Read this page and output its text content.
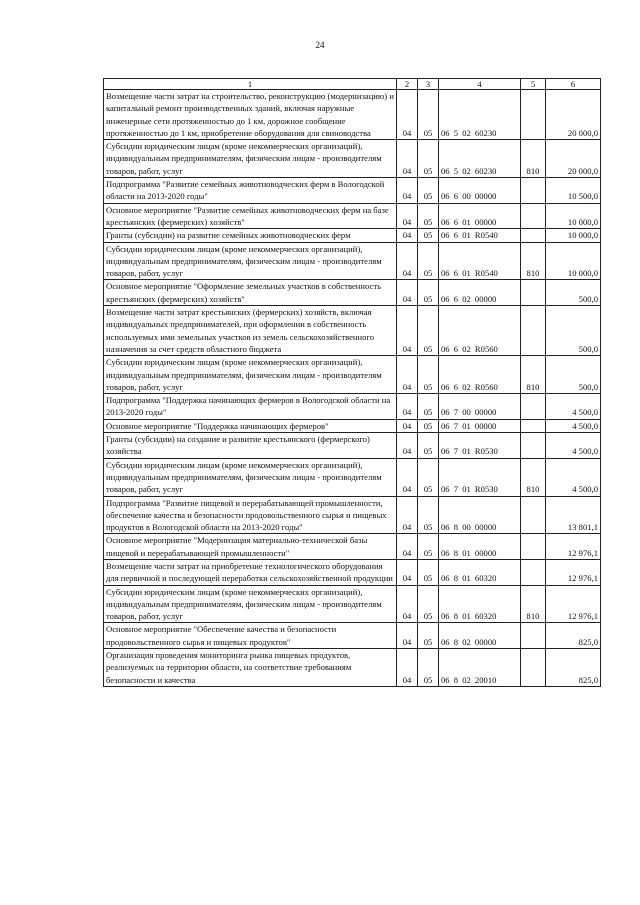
24
1	2	3	4	5	6
Возмещение части затрат на строительство, реконструкцию (модернизацию) и капитальный ремонт производственных зданий, включая наружные инженерные сети протяженностью до 1 км, дорожное сообщение протяженностью до 1 км, приобретение оборудования для свиноводства	04	05	06 5 02 60230		20 000,0
Субсидии юридическим лицам (кроме некоммерческих организаций), индивидуальным предпринимателям, физическим лицам - производителям товаров, работ, услуг	04	05	06 5 02 60230	810	20 000,0
Подпрограмма "Развитие семейных животноводческих ферм в Вологодской области на 2013-2020 годы"	04	05	06 6 00 00000		10 500,0
Основное мероприятие "Развитие семейных животноводческих ферм на базе крестьянских (фермерских) хозяйств"	04	05	06 6 01 00000		10 000,0
Гранты (субсидии) на развитие семейных животноводческих ферм	04	05	06 6 01 R0540		10 000,0
Субсидии юридическим лицам (кроме некоммерческих организаций), индивидуальным предпринимателям, физическим лицам - производителям товаров, работ, услуг	04	05	06 6 01 R0540	810	10 000,0
Основное мероприятие "Оформление земельных участков в собственность крестьянских (фермерских) хозяйств"	04	05	06 6 02 00000		500,0
Возмещение части затрат крестьянских (фермерских) хозяйств, включая индивидуальных предпринимателей, при оформлении в собственность используемых ими земельных участков из земель сельскохозяйственного назначения за счет средств областного бюджета	04	05	06 6 02 R0560		500,0
Субсидии юридическим лицам (кроме некоммерческих организаций), индивидуальным предпринимателям, физическим лицам - производителям товаров, работ, услуг	04	05	06 6 02 R0560	810	500,0
Подпрограмма "Поддержка начинающих фермеров в Вологодской области на 2013-2020 годы"	04	05	06 7 00 00000		4 500,0
Основное мероприятие "Поддержка начинающих фермеров"	04	05	06 7 01 00000		4 500,0
Гранты (субсидии) на создание и развитие крестьянского (фермерского) хозяйства	04	05	06 7 01 R0530		4 500,0
Субсидии юридическим лицам (кроме некоммерческих организаций), индивидуальным предпринимателям, физическим лицам - производителям товаров, работ, услуг	04	05	06 7 01 R0530	810	4 500,0
Подпрограмма "Развитие пищевой и перерабатывающей промышленности, обеспечение качества и безопасности продовольственного сырья и пищевых продуктов в Вологодской области на 2013-2020 годы"	04	05	06 8 00 00000		13 801,1
Основное мероприятие "Модернизация материально-технической базы пищевой и перерабатывающей промышленности"	04	05	06 8 01 00000		12 976,1
Возмещение части затрат на приобретение технологического оборудования для первичной и последующей переработки сельскохозяйственной продукции	04	05	06 8 01 60320		12 976,1
Субсидии юридическим лицам (кроме некоммерческих организаций), индивидуальным предпринимателям, физическим лицам - производителям товаров, работ, услуг	04	05	06 8 01 60320	810	12 976,1
Основное мероприятие "Обеспечение качества и безопасности продовольственного сырья и пищевых продуктов"	04	05	06 8 02 00000		825,0
Организация проведения мониторинга рынка пищевых продуктов, реализуемых на территории области, на соответствие требованиям безопасности и качества	04	05	06 8 02 20010		825,0
